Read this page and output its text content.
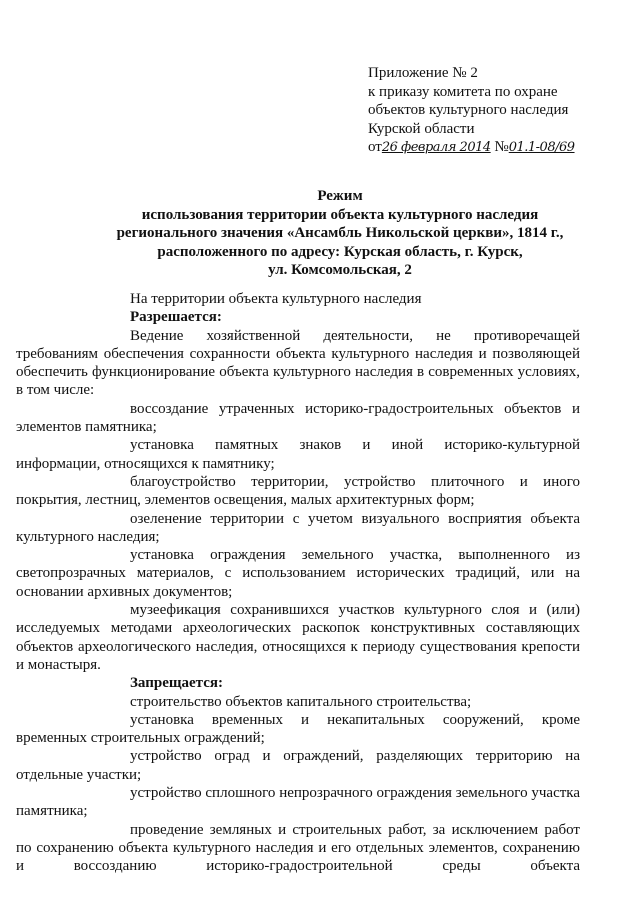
Приложение № 2
к приказу комитета по охране
объектов культурного наследия
Курской области
от26 февраля 2014 №01.1-08/69
Режим
использования территории объекта культурного наследия
регионального значения «Ансамбль Никольской церкви», 1814 г.,
расположенного по адресу: Курская область, г. Курск,
ул. Комсомольская, 2

На территории объекта культурного наследия

Разрешается:

Ведение хозяйственной деятельности, не противоречащей требованиям обеспечения сохранности объекта культурного наследия и позволяющей обеспечить функционирование объекта культурного наследия в современных условиях, в том числе:

воссоздание утраченных историко-градостроительных объектов и элементов памятника;

установка памятных знаков и иной историко-культурной информации, относящихся к памятнику;

благоустройство территории, устройство плиточного и иного покрытия, лестниц, элементов освещения, малых архитектурных форм;

озеленение территории с учетом визуального восприятия объекта культурного наследия;

установка ограждения земельного участка, выполненного из светопрозрачных материалов, с использованием исторических традиций, или на основании архивных документов;

музеефикация сохранившихся участков культурного слоя и (или) исследуемых методами археологических раскопок конструктивных составляющих объектов археологического наследия, относящихся к периоду существования крепости и монастыря.

Запрещается:

строительство объектов капитального строительства;

установка временных и некапитальных сооружений, кроме временных строительных ограждений;

устройство оград и ограждений, разделяющих территорию на отдельные участки;

устройство сплошного непрозрачного ограждения земельного участка памятника;

проведение земляных и строительных работ, за исключением работ по сохранению объекта культурного наследия и его отдельных элементов, сохранению и воссозданию историко-градостроительной среды объекта
